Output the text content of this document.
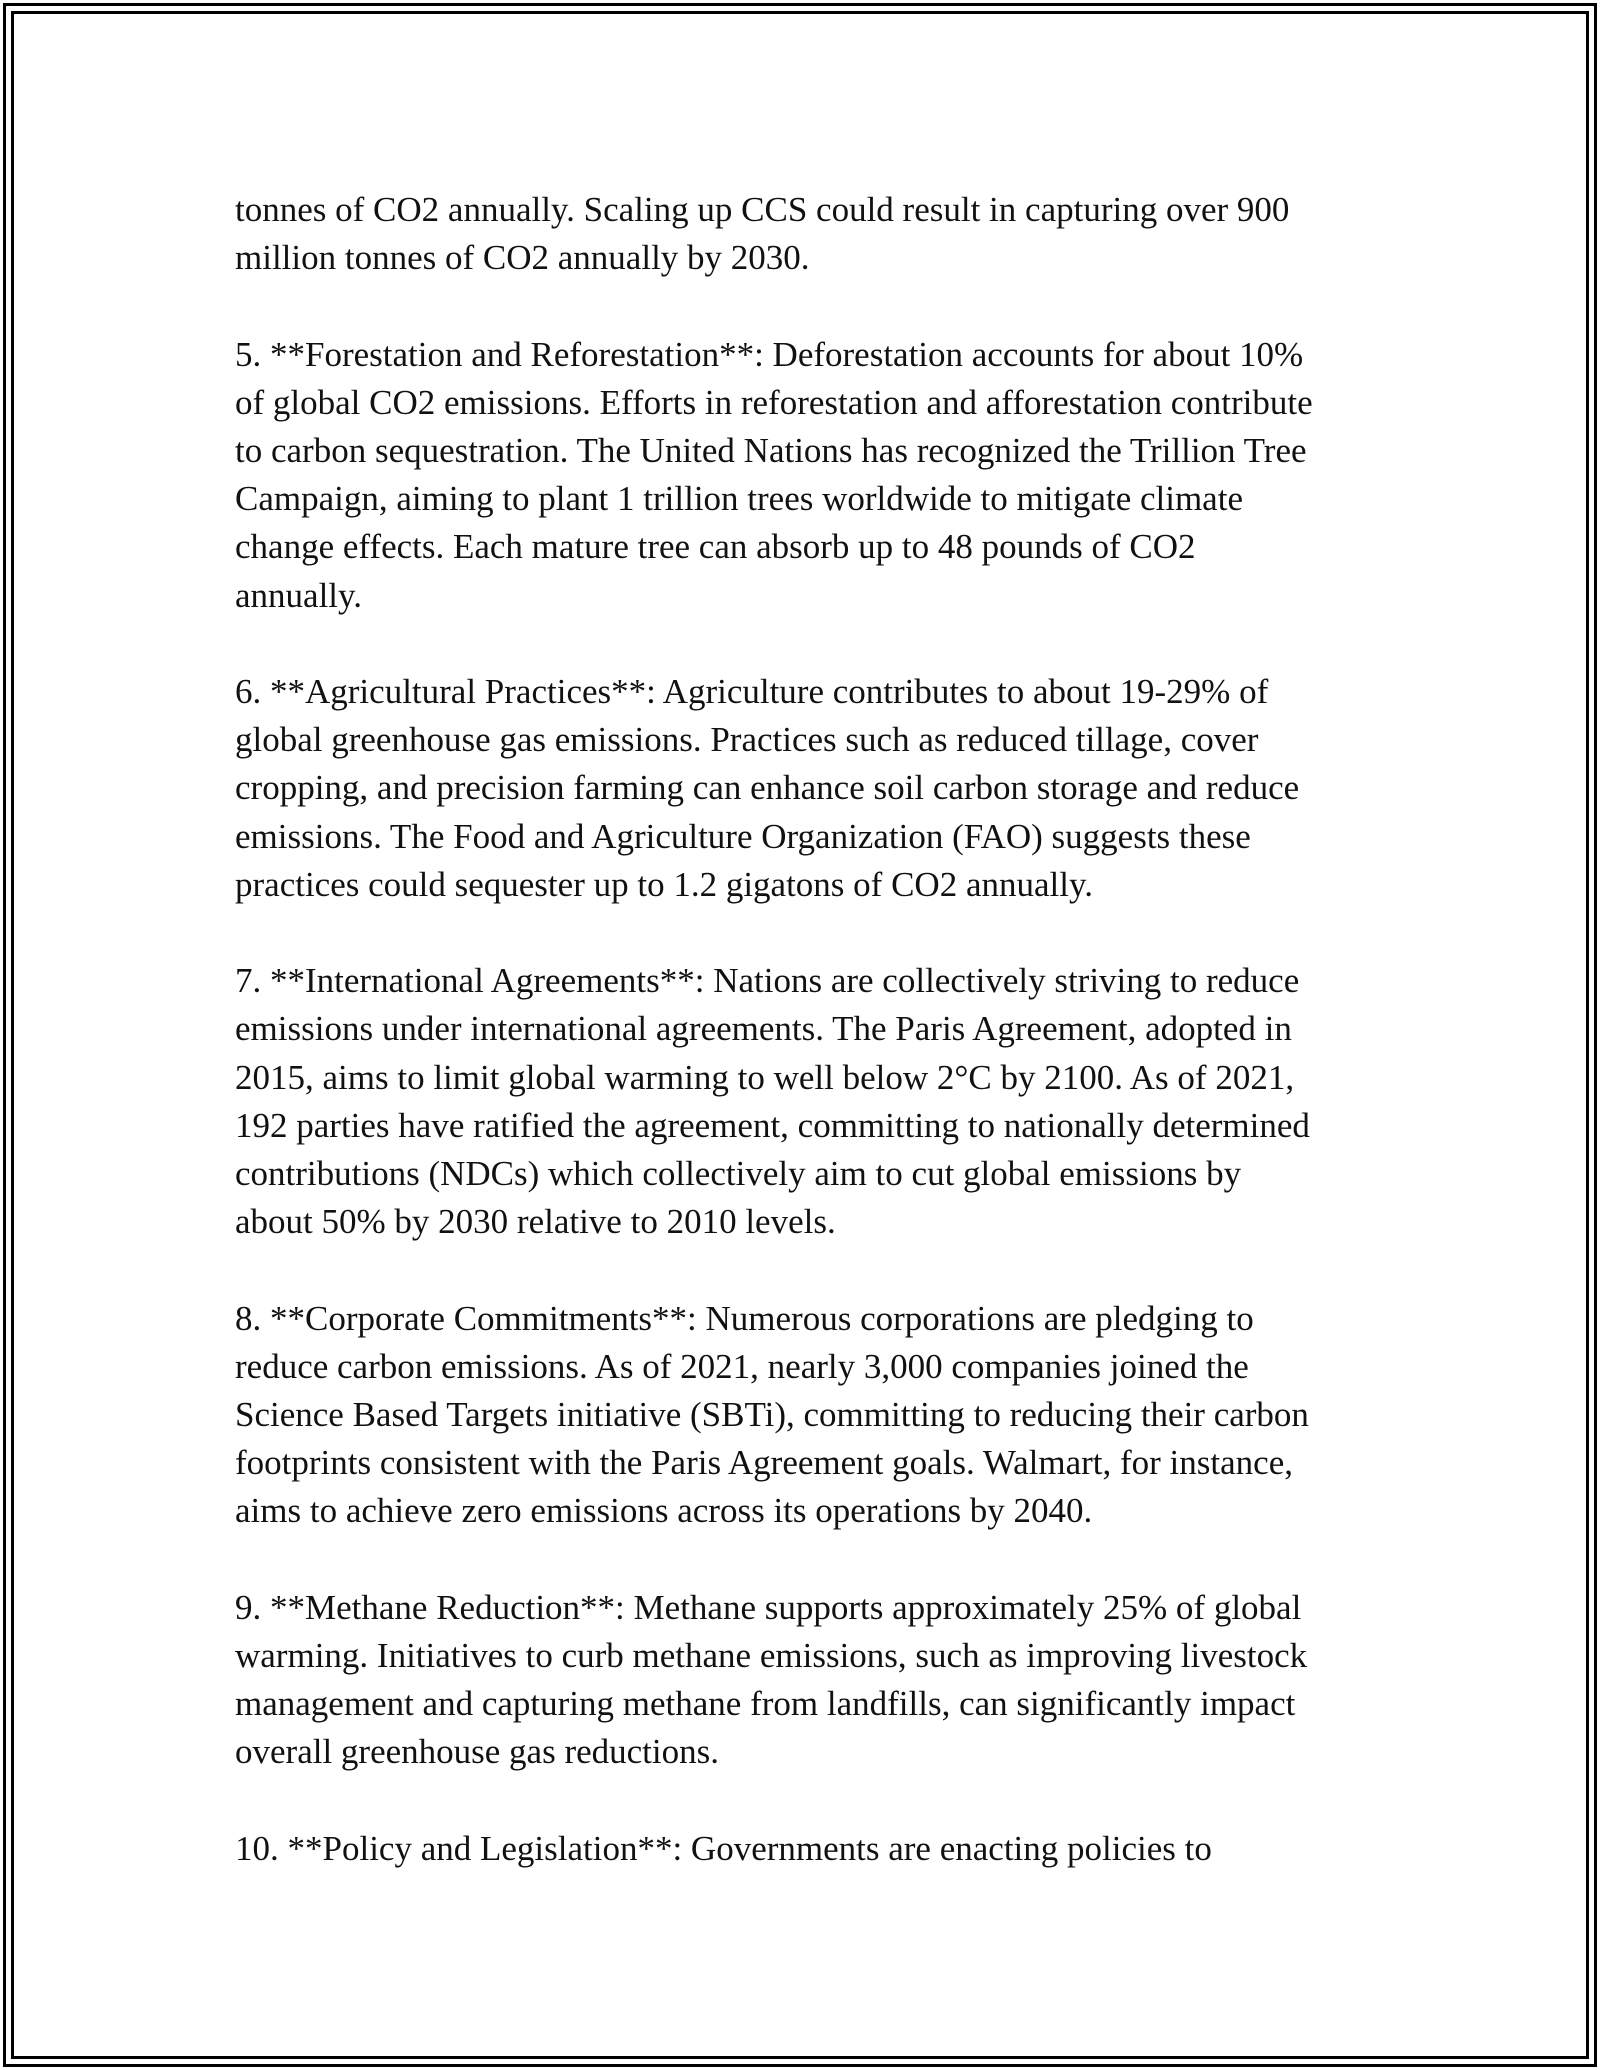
tonnes of CO2 annually. Scaling up CCS could result in capturing over 900
million tonnes of CO2 annually by 2030.

5. **Forestation and Reforestation**: Deforestation accounts for about 10%
of global CO2 emissions. Efforts in reforestation and afforestation contribute
to carbon sequestration. The United Nations has recognized the Trillion Tree
Campaign, aiming to plant 1 trillion trees worldwide to mitigate climate
change effects. Each mature tree can absorb up to 48 pounds of CO2
annually.

6. **Agricultural Practices**: Agriculture contributes to about 19-29% of
global greenhouse gas emissions. Practices such as reduced tillage, cover
cropping, and precision farming can enhance soil carbon storage and reduce
emissions. The Food and Agriculture Organization (FAO) suggests these
practices could sequester up to 1.2 gigatons of CO2 annually.

7. **International Agreements**: Nations are collectively striving to reduce
emissions under international agreements. The Paris Agreement, adopted in
2015, aims to limit global warming to well below 2°C by 2100. As of 2021,
192 parties have ratified the agreement, committing to nationally determined
contributions (NDCs) which collectively aim to cut global emissions by
about 50% by 2030 relative to 2010 levels.

8. **Corporate Commitments**: Numerous corporations are pledging to
reduce carbon emissions. As of 2021, nearly 3,000 companies joined the
Science Based Targets initiative (SBTi), committing to reducing their carbon
footprints consistent with the Paris Agreement goals. Walmart, for instance,
aims to achieve zero emissions across its operations by 2040.

9. **Methane Reduction**: Methane supports approximately 25% of global
warming. Initiatives to curb methane emissions, such as improving livestock
management and capturing methane from landfills, can significantly impact
overall greenhouse gas reductions.

10. **Policy and Legislation**: Governments are enacting policies to
